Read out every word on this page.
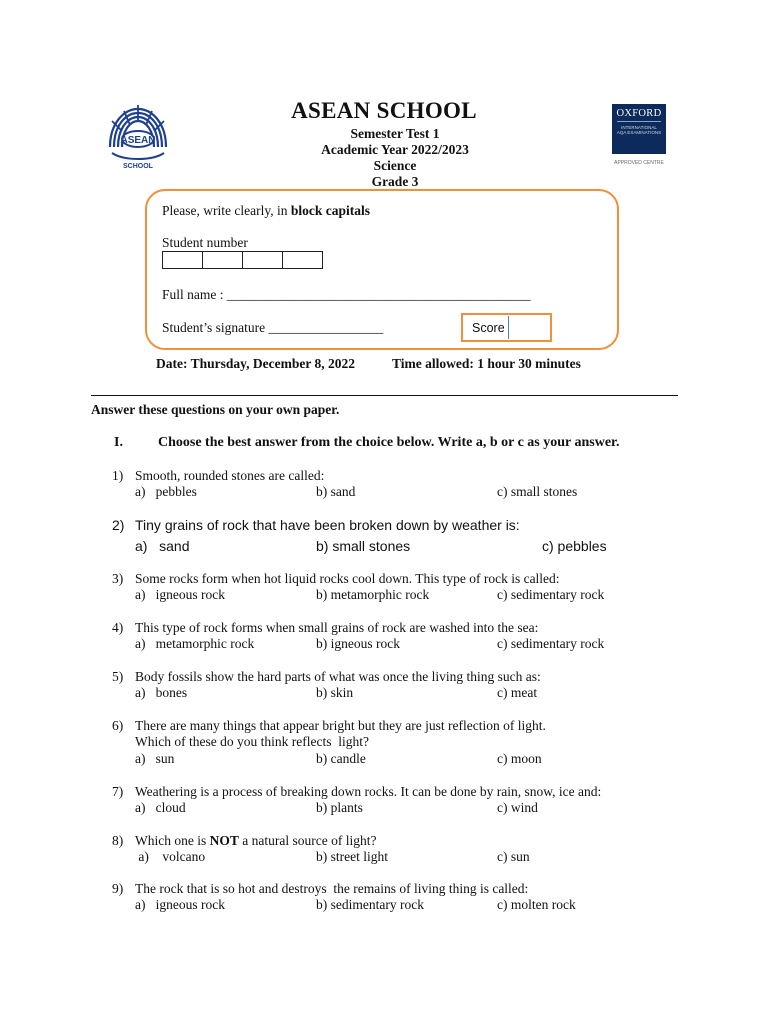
ASEAN
SCHOOL
OXFORD
INTERNATIONAL
AQA EXAMINATIONS
APPROVED CENTRE
ASEAN SCHOOL
Semester Test 1
Academic Year 2022/2023
Science
Grade 3
Please, write clearly, in block capitals
Student number
Full name : _____________________________________________
Student’s signature _________________	Score
Date: Thursday, December 8, 2022	Time allowed: 1 hour 30 minutes
Answer these questions on your own paper.
I.	Choose the best answer from the choice below. Write a, b or c as your answer.
1) Smooth, rounded stones are called:
a)   pebbles	b) sand	c) small stones
2) Tiny grains of rock that have been broken down by weather is:
a)   sand	b) small stones	c) pebbles
3) Some rocks form when hot liquid rocks cool down. This type of rock is called:
a)   igneous rock	b) metamorphic rock	c) sedimentary rock
4) This type of rock forms when small grains of rock are washed into the sea:
a)   metamorphic rock	b) igneous rock	c) sedimentary rock
5) Body fossils show the hard parts of what was once the living thing such as:
a)   bones	b) skin	c) meat
6) There are many things that appear bright but they are just reflection of light.
Which of these do you think reflects  light?
a)   sun	b) candle	c) moon
7) Weathering is a process of breaking down rocks. It can be done by rain, snow, ice and:
a)   cloud	b) plants	c) wind
8) Which one is NOT a natural source of light?
a)    volcano	b) street light	c) sun
9) The rock that is so hot and destroys  the remains of living thing is called:
a)   igneous rock	b) sedimentary rock	c) molten rock
